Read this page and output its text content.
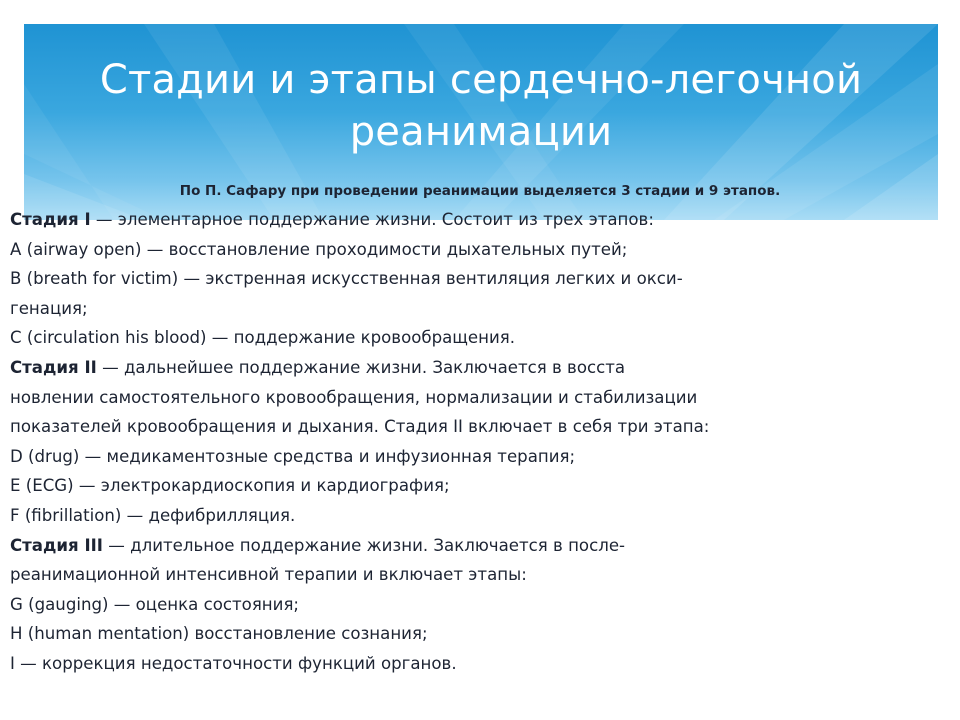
Стадии и этапы сердечно-легочной
реанимации
По П. Сафару при проведении реанимации выделяется 3 стадии и 9 этапов.
Стадия I — элементарное поддержание жизни. Состоит из трех этапов:
A (airway open) — восстановление проходимости дыхательных путей;
B (breath for victim) — экстренная искусственная вентиляция легких и окси-
генация;
C (circulation his blood) — поддержание кровообращения.
Стадия II — дальнейшее поддержание жизни. Заключается в восста
новлении самостоятельного кровообращения, нормализации и стабилизации
показателей кровообращения и дыхания. Стадия II включает в себя три этапа:
D (drug) — медикаментозные средства и инфузионная терапия;
E (ECG) — электрокардиоскопия и кардиография;
F (fibrillation) — дефибрилляция.
Стадия III — длительное поддержание жизни. Заключается в после-
реанимационной интенсивной терапии и включает этапы:
G (gauging) — оценка состояния;
H (human mentation) восстановление сознания;
I — коррекция недостаточности функций органов.
